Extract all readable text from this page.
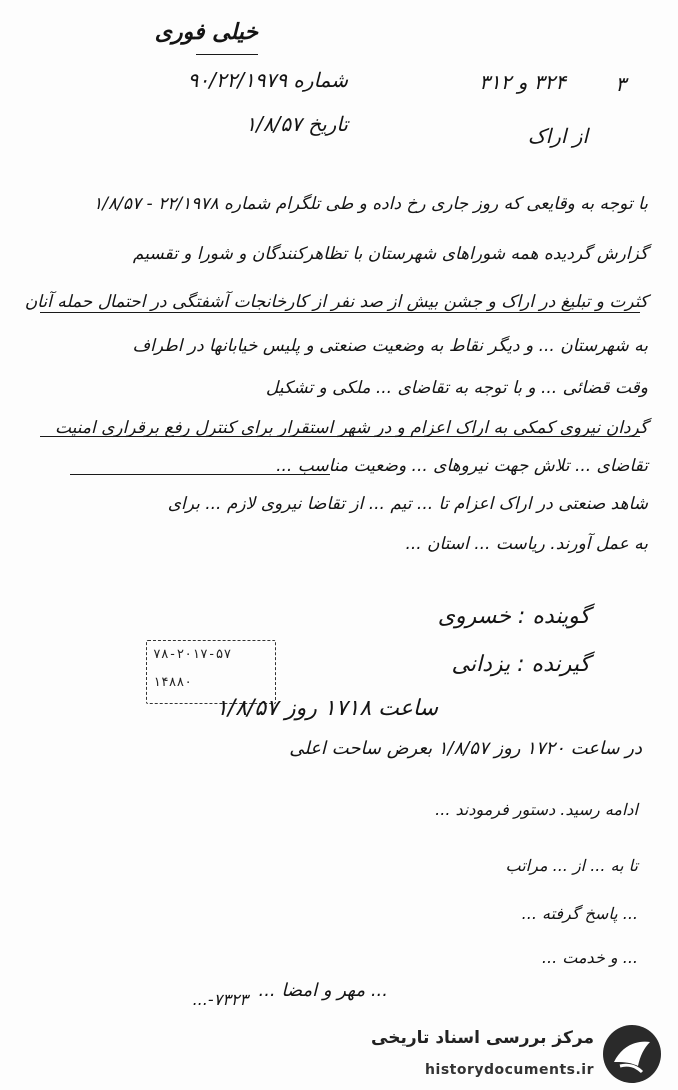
خیلی فوری
شماره ۹۰/۲۲/۱۹۷۹	۳۲۴ و ۳۱۲ ۳
تاریخ ۱/۸/۵۷	از اراک
با توجه به وقایعی که روز جاری رخ داده و طی تلگرام شماره ۲۲/۱۹۷۸ - ۱/۸/۵۷
گزارش گردیده همه شوراهای شهرستان با تظاهرکنندگان و شورا و تقسیم
کثرت و تبلیغ در اراک و جشن بیش از صد نفر از کارخانجات آشفتگی در احتمال حمله آنان
به شهرستان ... و دیگر نقاط به وضعیت صنعتی و پلیس خیابانها در اطراف
وقت قضائی ... و با توجه به تقاضای ... ملکی و تشکیل
گردان نیروی کمکی به اراک اعزام و در شهر استقرار برای کنترل رفع برقراری امنیت
تقاضای ... تلاش جهت نیروهای ... وضعیت مناسب ...
شاهد صنعتی در اراک اعزام تا ... تیم ... از تقاضا نیروی لازم ... برای
به عمل آورند. ریاست ... استان ...
گوینده : خسروی
گیرنده : یزدانی
۷۸-۲۰۱۷-۵۷
۱۴۸۸۰
ساعت ۱۷۱۸ روز ۱/۸/۵۷
در ساعت ۱۷۲۰ روز ۱/۸/۵۷ بعرض ساحت اعلی
ادامه رسید. دستور فرمودند ...
تا به ... از ... مراتب
... پاسخ گرفته ...
... و خدمت ...
... مهر و امضا ...
۷۳۲۳-...
مرکز بررسی اسناد تاریخی
historydocuments.ir
